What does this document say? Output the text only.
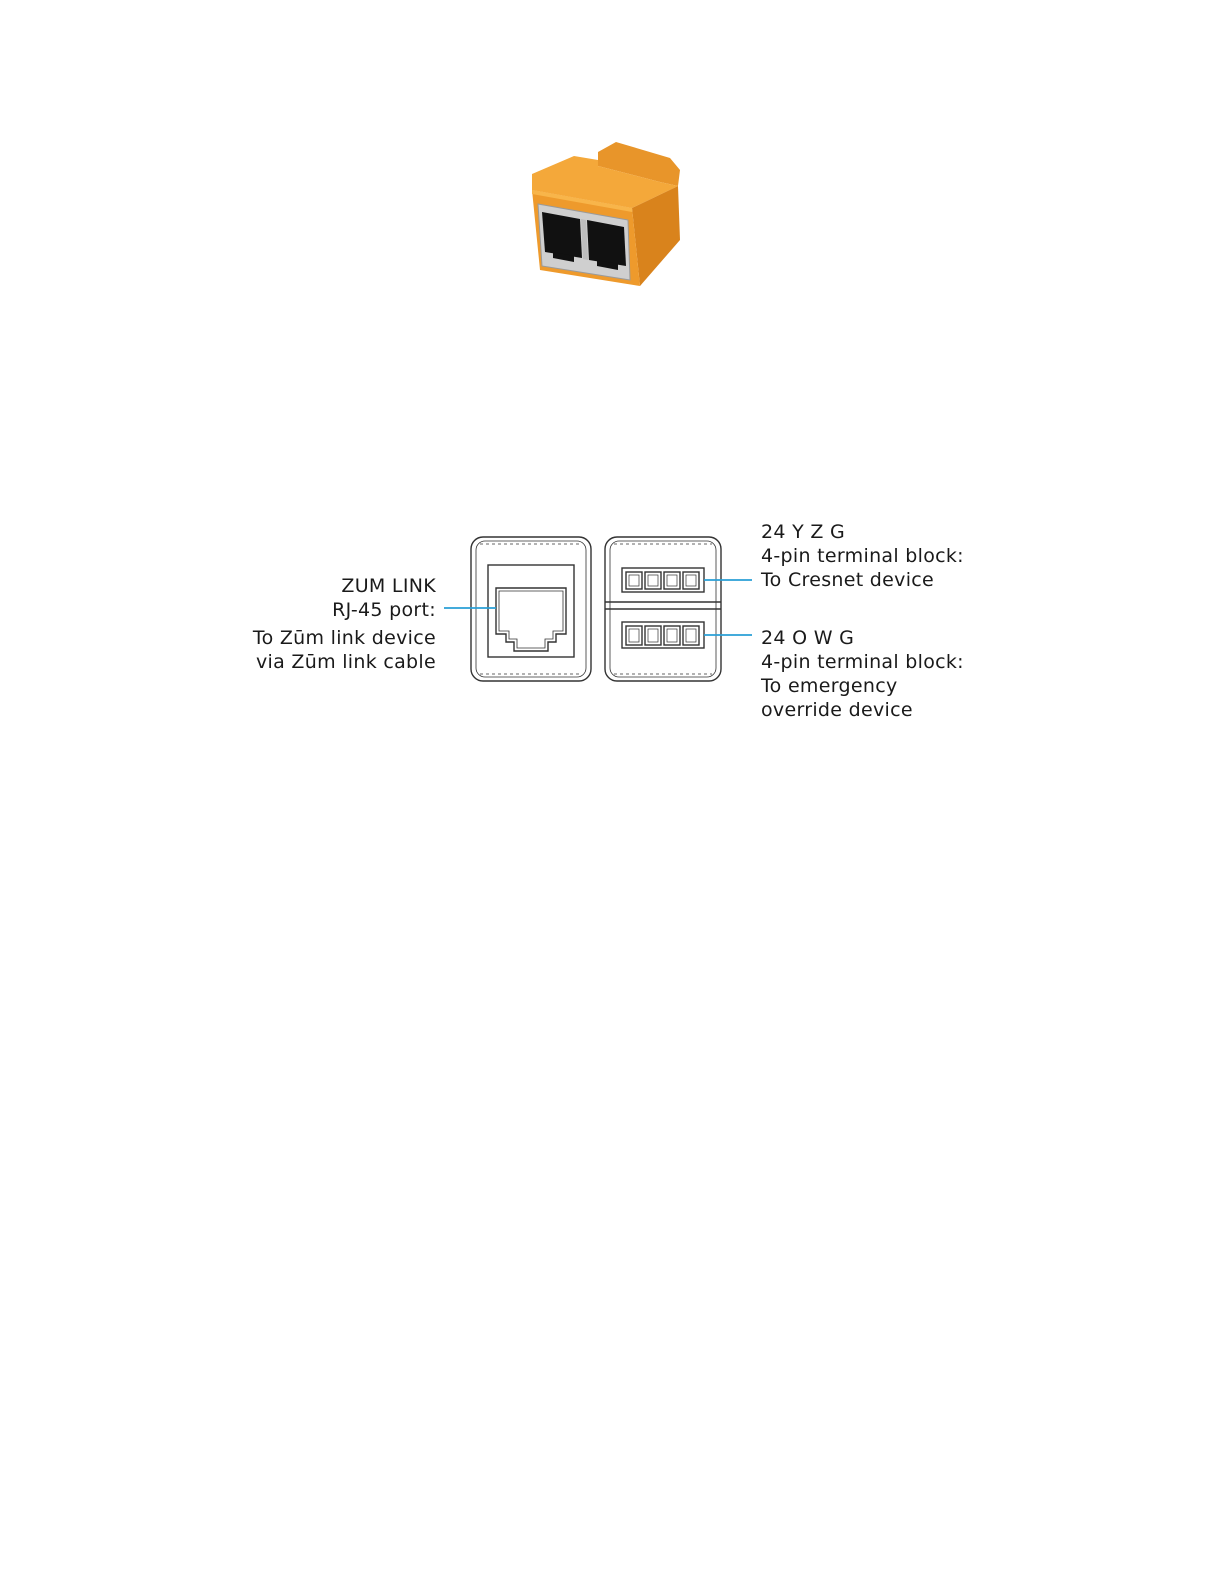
ZUM LINK
RJ-45 port:
To Zūm link device
via Zūm link cable
24 Y Z G
4-pin terminal block:
To Cresnet device
24 O W G
4-pin terminal block:
To emergency
override device
